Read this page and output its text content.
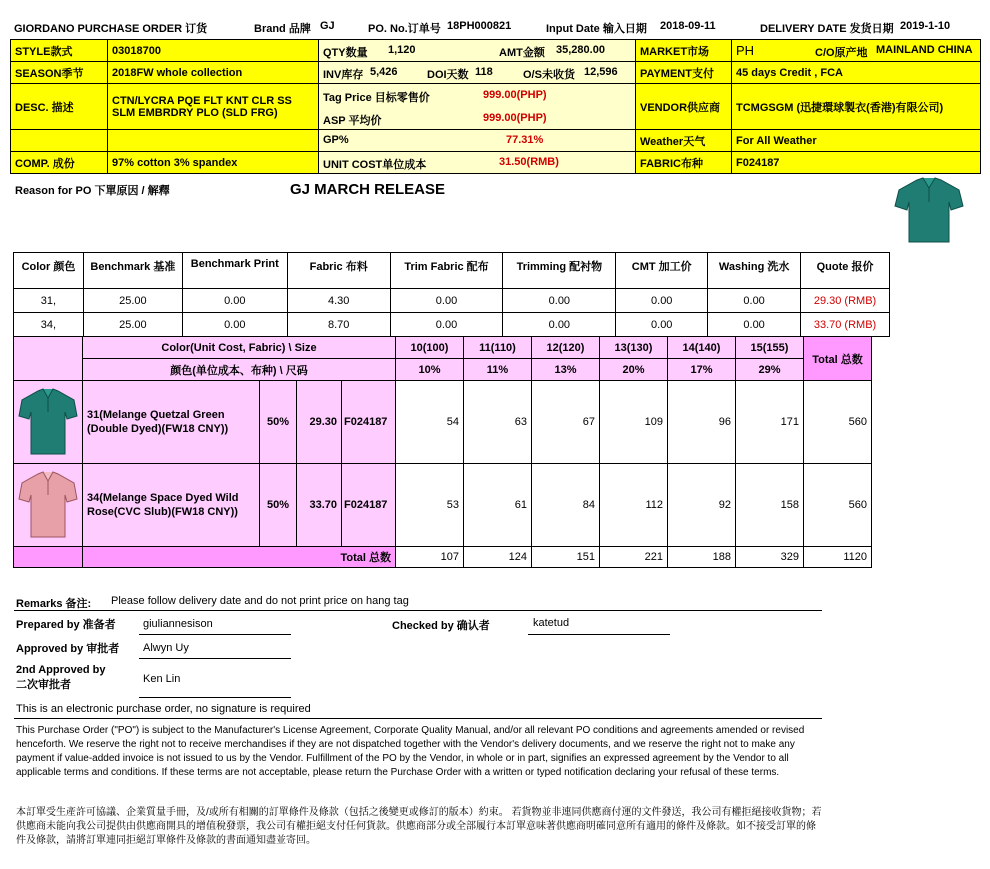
GIORDANO PURCHASE ORDER 订货	Brand 品牌 GJ	PO. No.订单号 18PH000821	Input Date 输入日期 2018-09-11	DELIVERY DATE 发货日期 2019-1-10
STYLE款式	03018700
SEASON季节	2018FW whole collection
DESC. 描述
CTN/LYCRA PQE FLT KNT CLR SS
SLM EMBRDRY PLO (SLD FRG)
COMP. 成份	97% cotton 3% spandex
QTY数量 1,120	AMT金额 35,280.00
INV库存 5,426	DOI天数 118	O/S未收货 12,596
Tag Price 目标零售价	999.00(PHP)
ASP 平均价	999.00(PHP)
GP%	77.31%
UNIT COST单位成本	31.50(RMB)
MARKET市场	PH	C/O原产地 MAINLAND CHINA
PAYMENT支付	45 days Credit , FCA
VENDOR供应商	TCMGSGM (迅捷環球製衣(香港)有限公司)
Weather天气	For All Weather
FABRIC布种	F024187
Reason for PO 下單原因 / 解釋	GJ MARCH RELEASE
Color 颜色	Benchmark 基准	Benchmark Print	Fabric 布料	Trim Fabric 配布	Trimming 配衬物	CMT 加工价	Washing 洗水	Quote 报价
31,	25.00	0.00	4.30	0.00	0.00	0.00	0.00	29.30 (RMB)
34,	25.00	0.00	8.70	0.00	0.00	0.00	0.00	33.70 (RMB)
	Color(Unit Cost, Fabric) \ Size				10(100)	11(110)	12(120)	13(130)	14(140)	15(155)	Total 总数
	颜色(单位成本、布种) \ 尺码				10%	11%	13%	20%	17%	29%	

	31(Melange Quetzal Green (Double Dyed)(FW18 CNY))	50%	29.30	F024187	54	63	67	109	96	171	560

	34(Melange Space Dyed Wild Rose(CVC Slub)(FW18 CNY))	50%	33.70	F024187	53	61	84	112	92	158	560
	Total 总数				107	124	151	221	188	329	1120
Remarks 备注: Please follow delivery date and do not print price on hang tag
Prepared by 准备者 giuliannesison	Checked by 确认者	katetud
Approved by 审批者 Alwyn Uy
2nd Approved by
二次审批者	Ken Lin
This is an electronic purchase order, no signature is required
This Purchase Order ("PO") is subject to the Manufacturer's License Agreement, Corporate Quality Manual, and/or all relevant PO conditions and agreements amended or revised henceforth. We reserve the right not to receive merchandises if they are not dispatched together with the Vendor's delivery documents, and we reserve the right not to make any payment if value-added invoice is not issued to us by the Vendor. Fulfillment of the PO by the Vendor, in whole or in part, signifies an expressed agreement by the Vendor to all applicable terms and conditions. If these terms are not acceptable, please return the Purchase Order with a written or typed notification declaring your refusal of these terms.
本訂單受生產許可協議、企業質量手冊，及/或所有相關的訂單條件及條款（包括之後變更或修訂的版本）約束。 若貨物並非連同供應商付運的文件發送，我公司有權拒絕接收貨物；若供應商未能向我公司提供由供應商開具的增值稅發票，我公司有權拒絕支付任何貨款。供應商部分或全部履行本訂單意味著供應商明確同意所有適用的條件及條款。如不接受訂單的條件及條款，請將訂單連同拒絕訂單條件及條款的書面通知盡並寄回。
